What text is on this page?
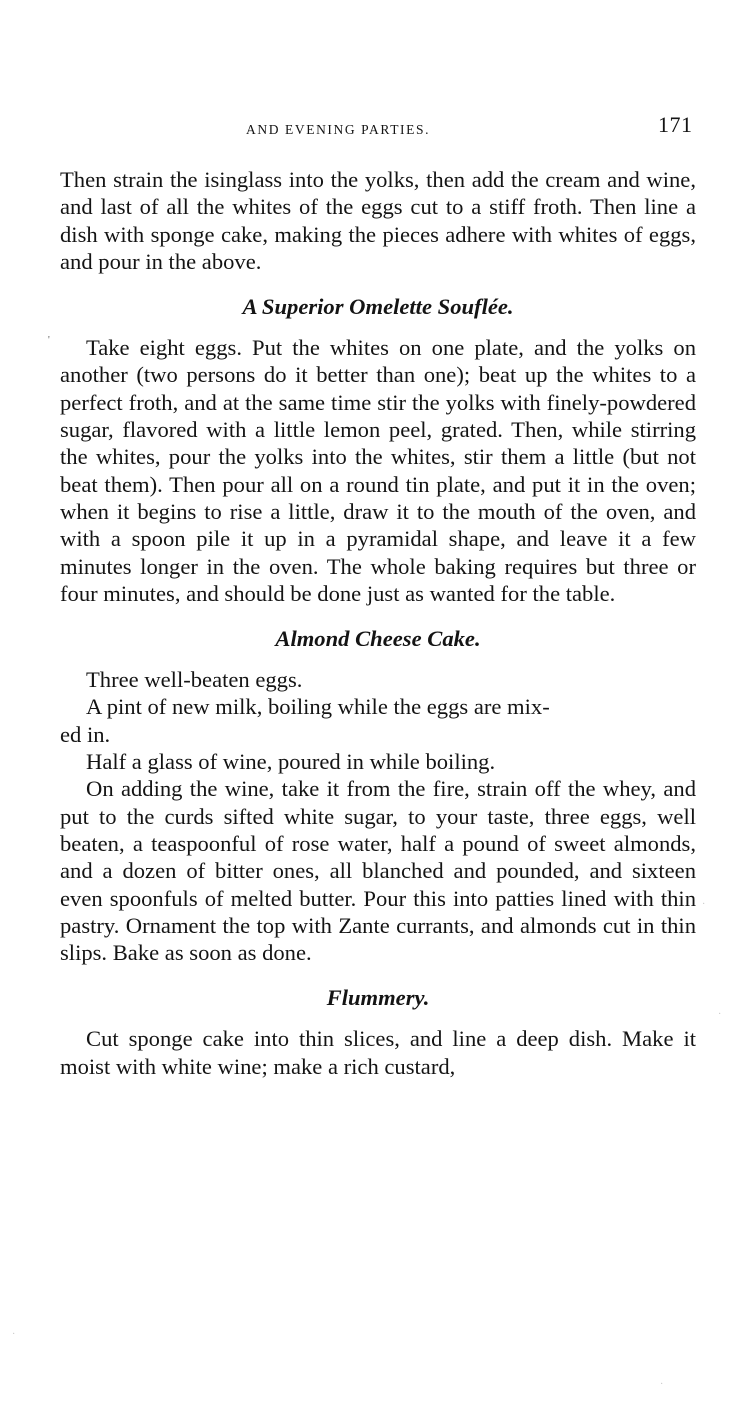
AND EVENING PARTIES.	171

Then strain the isinglass into the yolks, then add the cream and wine, and last of all the whites of the eggs cut to a stiff froth. Then line a dish with sponge cake, making the pieces adhere with whites of eggs, and pour in the above.

A Superior Omelette Souflée.

Take eight eggs. Put the whites on one plate, and the yolks on another (two persons do it better than one); beat up the whites to a perfect froth, and at the same time stir the yolks with finely-powdered sugar, flavored with a little lemon peel, grated. Then, while stirring the whites, pour the yolks into the whites, stir them a little (but not beat them). Then pour all on a round tin plate, and put it in the oven; when it begins to rise a little, draw it to the mouth of the oven, and with a spoon pile it up in a pyramidal shape, and leave it a few minutes longer in the oven. The whole baking requires but three or four minutes, and should be done just as wanted for the table.

Almond Cheese Cake.

Three well-beaten eggs.

A pint of new milk, boiling while the eggs are mix-

ed in.

Half a glass of wine, poured in while boiling.

On adding the wine, take it from the fire, strain off the whey, and put to the curds sifted white sugar, to your taste, three eggs, well beaten, a teaspoonful of rose water, half a pound of sweet almonds, and a dozen of bitter ones, all blanched and pounded, and sixteen even spoonfuls of melted butter. Pour this into patties lined with thin pastry. Ornament the top with Zante currants, and almonds cut in thin slips. Bake as soon as done.

Flummery.

Cut sponge cake into thin slices, and line a deep dish. Make it moist with white wine; make a rich custard,

'
·
·
·
·
